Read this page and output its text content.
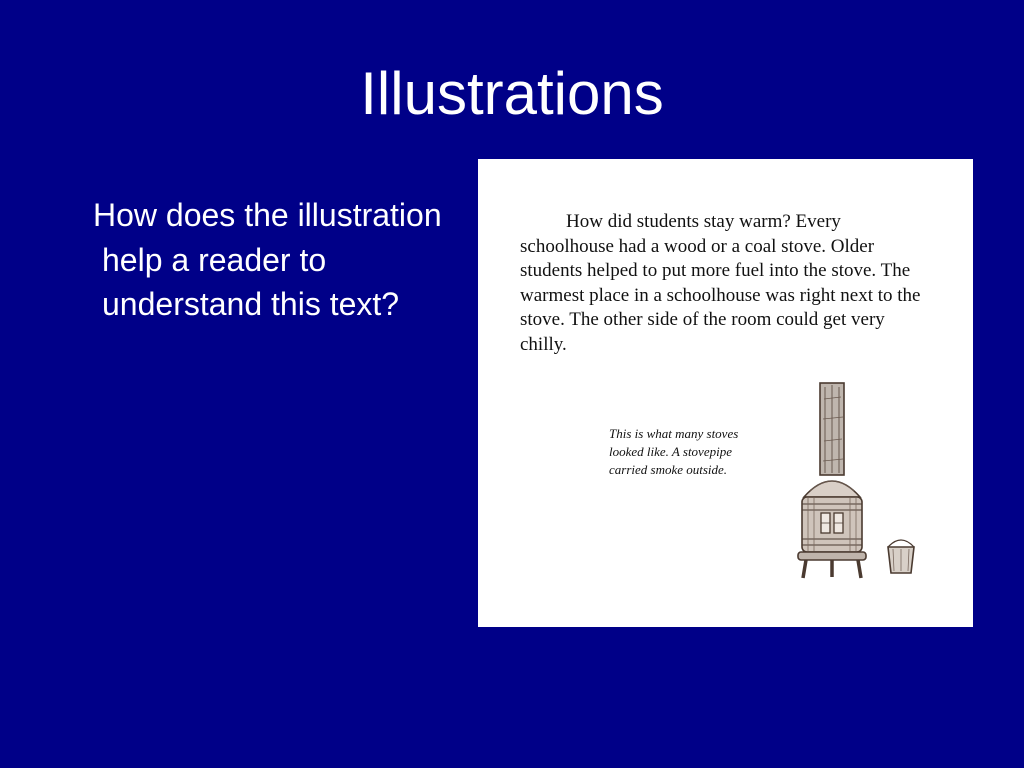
Illustrations

How does the illustration help a reader to understand this text?

How did students stay warm? Every schoolhouse had a wood or a coal stove. Older students helped to put more fuel into the stove. The warmest place in a schoolhouse was right next to the stove. The other side of the room could get very chilly.

This is what many stoves looked like. A stovepipe carried smoke outside.
